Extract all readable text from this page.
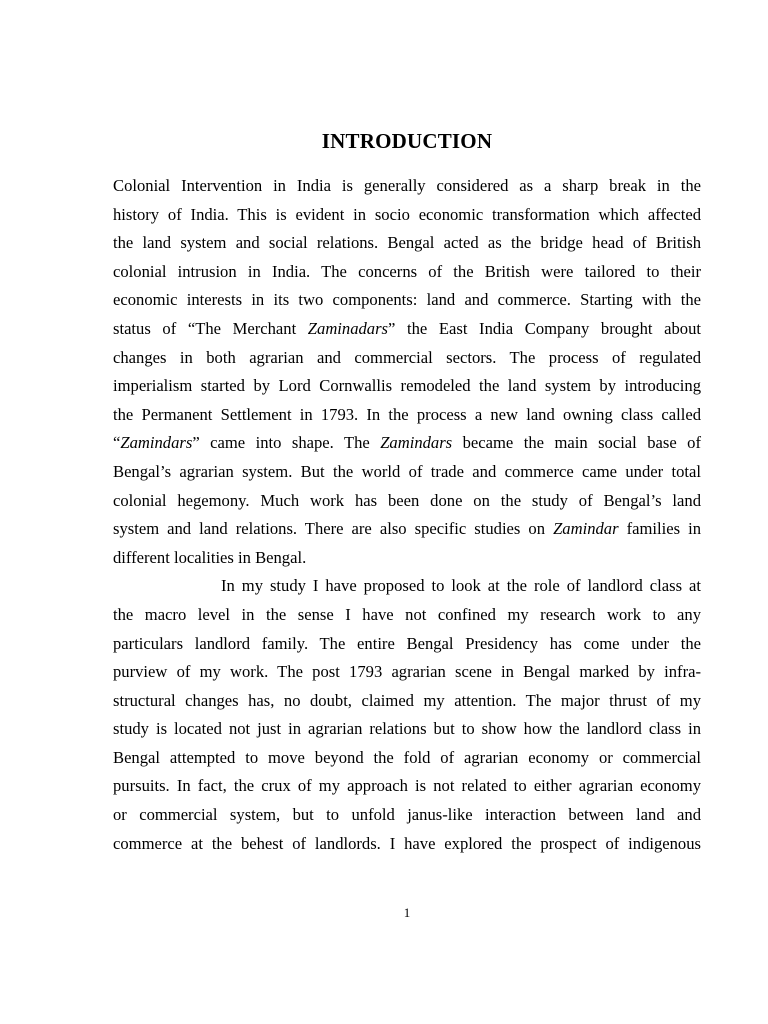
INTRODUCTION
Colonial Intervention in India is generally considered as a sharp break in the
history of India. This is evident in socio economic transformation which affected
the land system and social relations. Bengal acted as the bridge head of British
colonial intrusion in India. The concerns of the British were tailored to their
economic interests in its two components: land and commerce. Starting with the
status of “The Merchant Zaminadars” the East India Company brought about
changes in both agrarian and commercial sectors. The process of regulated
imperialism started by Lord Cornwallis remodeled the land system by introducing
the Permanent Settlement in 1793. In the process a new land owning class called
“Zamindars” came into shape. The Zamindars became the main social base of
Bengal’s agrarian system. But the world of trade and commerce came under total
colonial hegemony. Much work has been done on the study of Bengal’s land
system and land relations. There are also specific studies on Zamindar families in
different localities in Bengal.
In my study I have proposed to look at the role of landlord class at
the macro level in the sense I have not confined my research work to any
particulars landlord family. The entire Bengal Presidency has come under the
purview of my work. The post 1793 agrarian scene in Bengal marked by infra-
structural changes has, no doubt, claimed my attention. The major thrust of my
study is located not just in agrarian relations but to show how the landlord class in
Bengal attempted to move beyond the fold of agrarian economy or commercial
pursuits. In fact, the crux of my approach is not related to either agrarian economy
or commercial system, but to unfold janus-like interaction between land and
commerce at the behest of landlords. I have explored the prospect of indigenous
1
